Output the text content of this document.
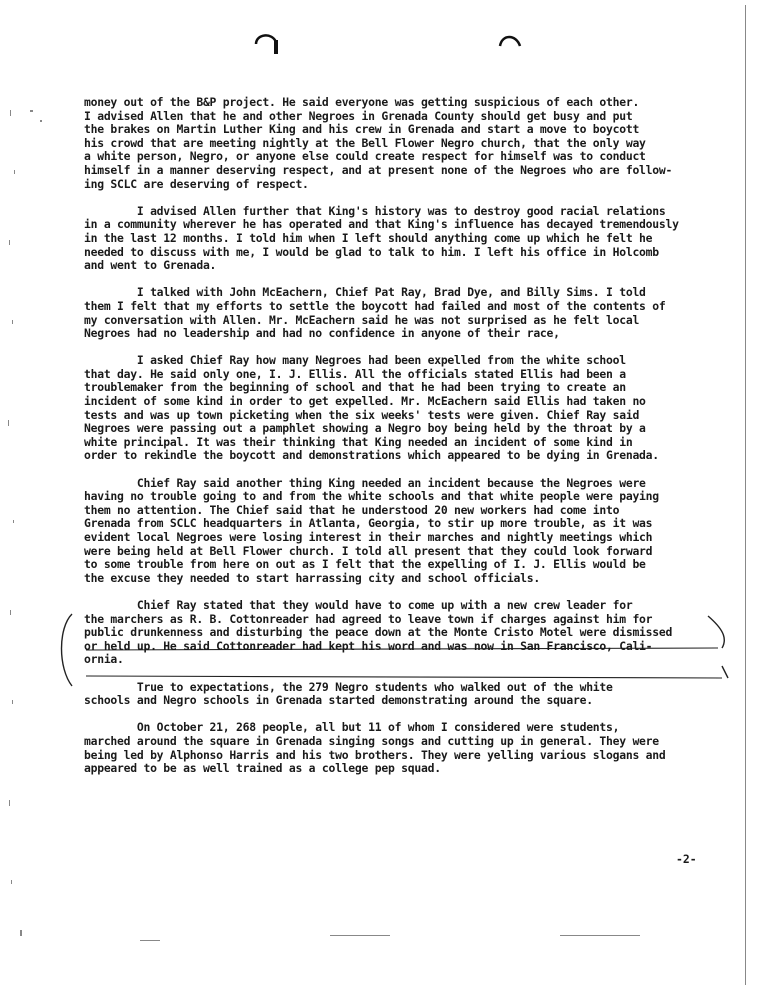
money out of the B&P project. He said everyone was getting suspicious of each other.
I advised Allen that he and other Negroes in Grenada County should get busy and put
the brakes on Martin Luther King and his crew in Grenada and start a move to boycott
his crowd that are meeting nightly at the Bell Flower Negro church, that the only way
a white person, Negro, or anyone else could create respect for himself was to conduct
himself in a manner deserving respect, and at present none of the Negroes who are follow-
ing SCLC are deserving of respect.
I advised Allen further that King's history was to destroy good racial relations
in a community wherever he has operated and that King's influence has decayed tremendously
in the last 12 months. I told him when I left should anything come up which he felt he
needed to discuss with me, I would be glad to talk to him. I left his office in Holcomb
and went to Grenada.
I talked with John McEachern, Chief Pat Ray, Brad Dye, and Billy Sims. I told
them I felt that my efforts to settle the boycott had failed and most of the contents of
my conversation with Allen. Mr. McEachern said he was not surprised as he felt local
Negroes had no leadership and had no confidence in anyone of their race,
I asked Chief Ray how many Negroes had been expelled from the white school
that day. He said only one, I. J. Ellis. All the officials stated Ellis had been a
troublemaker from the beginning of school and that he had been trying to create an
incident of some kind in order to get expelled. Mr. McEachern said Ellis had taken no
tests and was up town picketing when the six weeks' tests were given. Chief Ray said
Negroes were passing out a pamphlet showing a Negro boy being held by the throat by a
white principal. It was their thinking that King needed an incident of some kind in
order to rekindle the boycott and demonstrations which appeared to be dying in Grenada.
Chief Ray said another thing King needed an incident because the Negroes were
having no trouble going to and from the white schools and that white people were paying
them no attention. The Chief said that he understood 20 new workers had come into
Grenada from SCLC headquarters in Atlanta, Georgia, to stir up more trouble, as it was
evident local Negroes were losing interest in their marches and nightly meetings which
were being held at Bell Flower church. I told all present that they could look forward
to some trouble from here on out as I felt that the expelling of I. J. Ellis would be
the excuse they needed to start harrassing city and school officials.
Chief Ray stated that they would have to come up with a new crew leader for
the marchers as R. B. Cottonreader had agreed to leave town if charges against him for
public drunkenness and disturbing the peace down at the Monte Cristo Motel were dismissed
or held up. He said Cottonreader had kept his word and was now in San Francisco, Cali-
ornia.
True to expectations, the 279 Negro students who walked out of the white
schools and Negro schools in Grenada started demonstrating around the square.
On October 21, 268 people, all but 11 of whom I considered were students,
marched around the square in Grenada singing songs and cutting up in general. They were
being led by Alphonso Harris and his two brothers. They were yelling various slogans and
appeared to be as well trained as a college pep squad.
-2-
